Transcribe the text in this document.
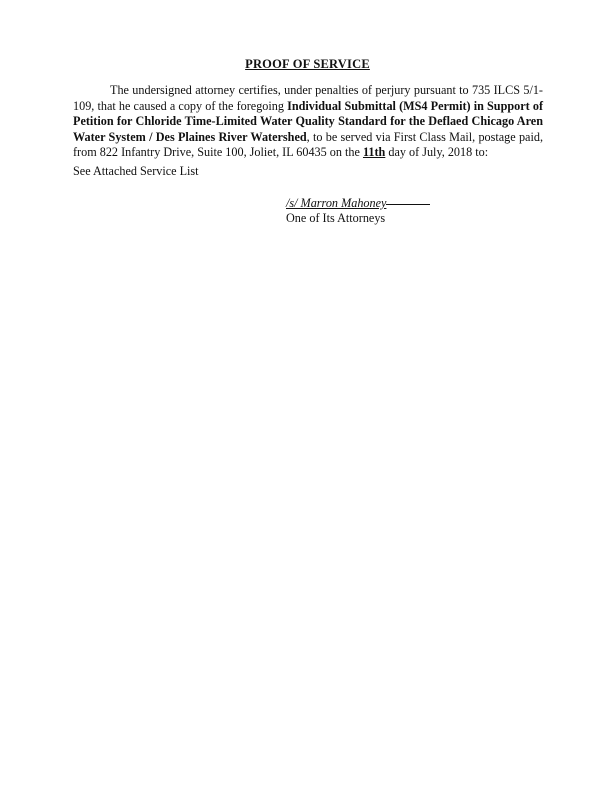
PROOF OF SERVICE
The undersigned attorney certifies, under penalties of perjury pursuant to 735 ILCS 5/1-109, that he caused a copy of the foregoing Individual Submittal (MS4 Permit) in Support of Petition for Chloride Time-Limited Water Quality Standard for the Deflaed Chicago Aren Water System / Des Plaines River Watershed, to be served via First Class Mail, postage paid, from 822 Infantry Drive, Suite 100, Joliet, IL 60435 on the 11th day of July, 2018 to:
See Attached Service List
/s/ Marron Mahoney
One of Its Attorneys
